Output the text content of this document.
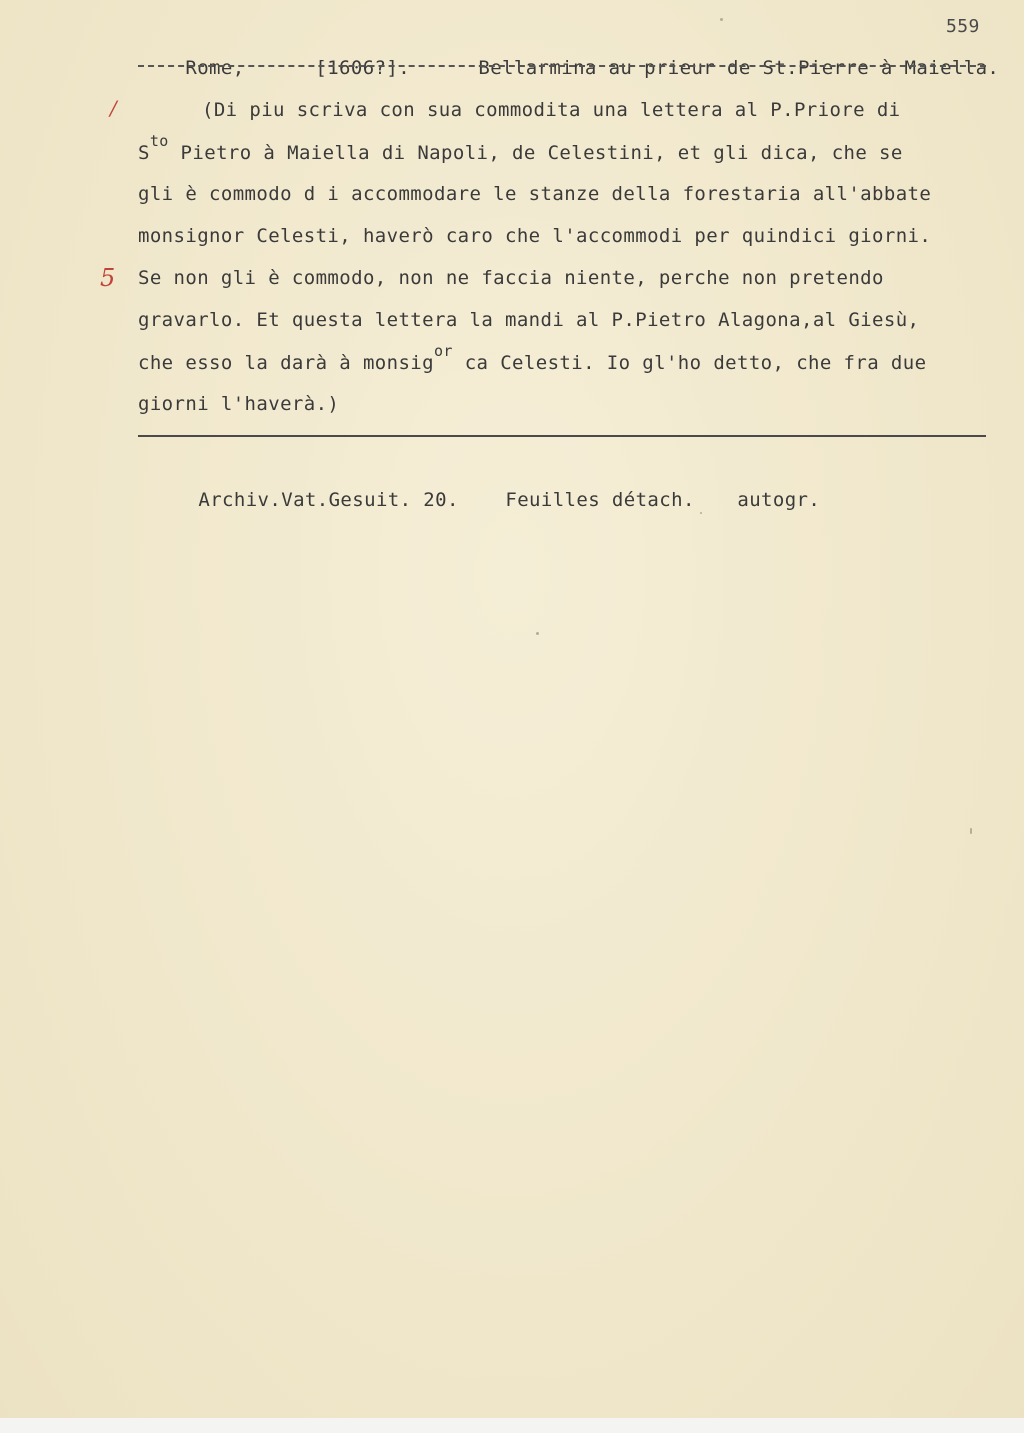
559

Rome,	[1606?].	Bellarmina au prieur de St.Pierre à Maiella.

/
5
(Di piu scriva con sua commodita una lettera al P.Priore di
$S^{to}$ Pietro à Maiella di Napoli, de Celestini, et gli dica, che se
gli è commodo d i accommodare le stanze della forestaria all'abbate
monsignor Celesti, haverò caro che l'accommodi per quindici giorni.
Se non gli è commodo, non ne faccia niente, perche non pretendo
gravarlo. Et questa lettera la mandi al P.Pietro Alagona,al Giesù,
che esso la darà à monsig$^{or}$ ca Celesti. Io gl'ho detto, che fra due
giorni l'haverà.)

Archiv.Vat.Gesuit. 20. Feuilles détach. autogr.
